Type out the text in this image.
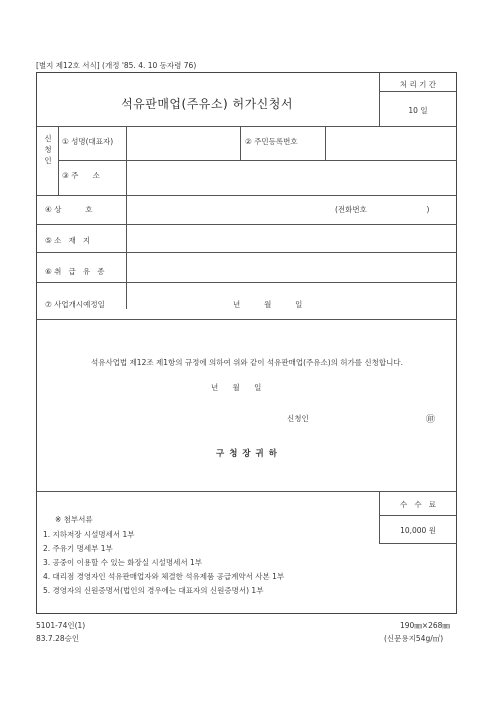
[별지 제12호 서식] (개정 '85. 4. 10 동자령 76)
석유판매업(주유소) 허가신청서
처 리 기 간
10 일
신
청
인
① 성명(대표자)	② 주민등록번호
③ 주      소
④ 상          호	(전화번호                         )
⑤ 소   재   지
⑥ 취   급   유   종
⑦ 사업개시예정일	년          월          일
석유사업법 제12조 제1항의 규정에 의하여 위와 같이 석유판매업(주유소)의 허가를 신청합니다.
년      월      일
신청인	㊞
구 청 장 귀 하
※ 첨부서류
1. 지하저장 시설명세서 1부
2. 주유기 명세부 1부
3. 공중이 이용할 수 있는 화장실 시설명세서 1부
4. 대리점 경영자인 석유판매업자와 체결한 석유제품 공급계약서 사본 1부
5. 경영자의 신원증명서(법인의 경우에는 대표자의 신원증명서) 1부
수   수   료
10,000 원
5101-74인(1)
83.7.28승인
190㎜×268㎜
(신문용지54g/㎡)
